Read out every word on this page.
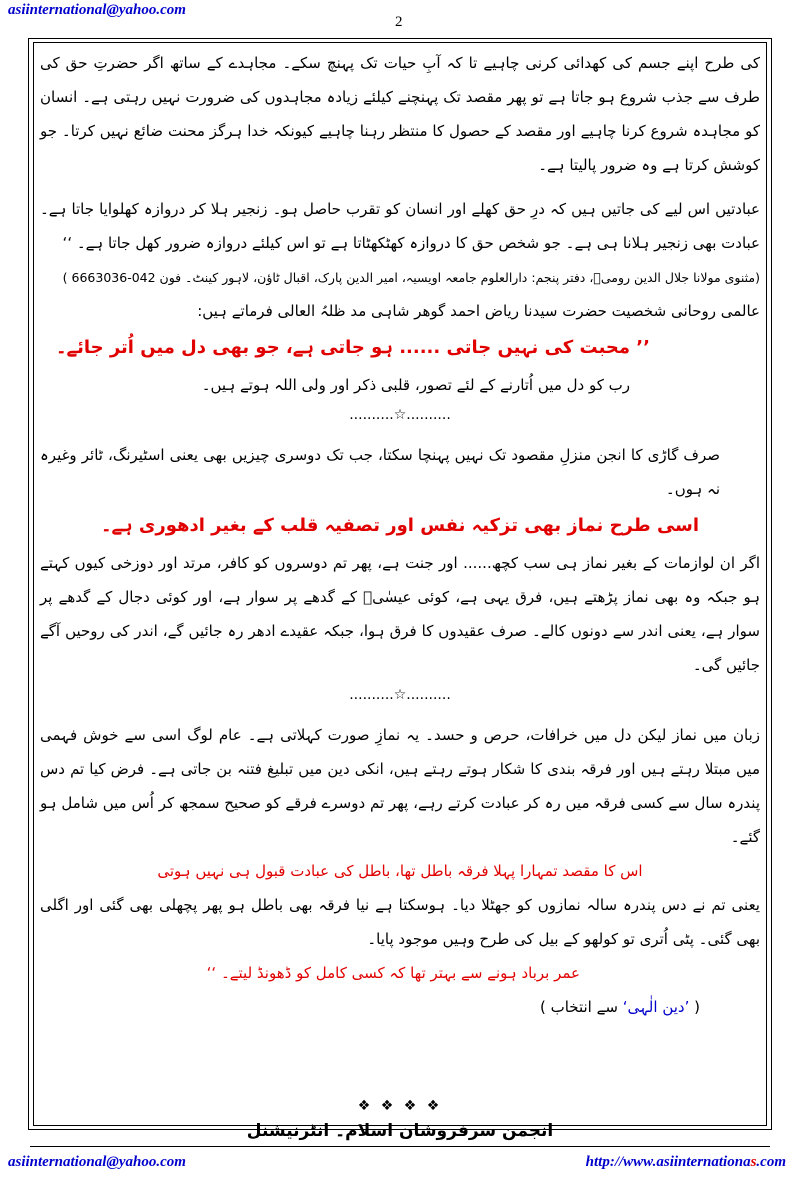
asiinternational@yahoo.com
2

کی طرح اپنے جسم کی کھدائی کرنی چاہیے تا کہ آبِ حیات تک پہنچ سکے۔ مجاہدے کے ساتھ اگر حضرتِ حق کی طرف سے جذب شروع ہو جاتا ہے تو پھر مقصد تک پہنچنے کیلئے زیادہ مجاہدوں کی ضرورت نہیں رہتی ہے۔ انسان کو مجاہدہ شروع کرنا چاہیے اور مقصد کے حصول کا منتظر رہنا چاہیے کیونکہ خدا ہرگز محنت ضائع نہیں کرتا۔ جو کوشش کرتا ہے وہ ضرور پالیتا ہے۔

عبادتیں اس لیے کی جاتیں ہیں کہ درِ حق کھلے اور انسان کو تقرب حاصل ہو۔ زنجیر ہلا کر دروازہ کھلوایا جاتا ہے۔ عبادت بھی زنجیر ہلانا ہی ہے۔ جو شخص حق کا دروازہ کھٹکھٹاتا ہے تو اس کیلئے دروازہ ضرور کھل جاتا ہے۔ ‘‘

(مثنوی مولانا جلال الدین رومیؒ، دفتر پنجم: دارالعلوم جامعہ اویسیہ، امیر الدین پارک، اقبال ٹاؤن، لاہور کینٹ۔ فون 042-6663036 )

عالمی روحانی شخصیت حضرت سیدنا ریاض احمد گوھر شاہی مد ظلہُ العالی فرماتے ہیں:

’’ محبت کی نہیں جاتی ...... ہو جاتی ہے، جو بھی دل میں اُتر جائے۔

رب کو دل میں اُتارنے کے لئے تصور، قلبی ذکر اور ولی اللہ ہوتے ہیں۔

..........☆..........

صرف گاڑی کا انجن منزلِ مقصود تک نہیں پہنچا سکتا، جب تک دوسری چیزیں بھی یعنی اسٹیرنگ، ٹائر وغیرہ نہ ہوں۔

اسی طرح نماز بھی تزکیہ نفس اور تصفیہ قلب کے بغیر ادھوری ہے۔

اگر ان لوازمات کے بغیر نماز ہی سب کچھ...... اور جنت ہے، پھر تم دوسروں کو کافر، مرتد اور دوزخی کیوں کہتے ہو جبکہ وہ بھی نماز پڑھتے ہیں، فرق یہی ہے، کوئی عیسٰیؑ کے گدھے پر سوار ہے، اور کوئی دجال کے گدھے پر سوار ہے، یعنی اندر سے دونوں کالے۔ صرف عقیدوں کا فرق ہوا، جبکہ عقیدے ادھر رہ جائیں گے، اندر کی روحیں آگے جائیں گی۔

..........☆..........

زبان میں نماز لیکن دل میں خرافات، حرص و حسد۔ یہ نمازِ صورت کہلاتی ہے۔ عام لوگ اسی سے خوش فہمی میں مبتلا رہتے ہیں اور فرقہ بندی کا شکار ہوتے رہتے ہیں، انکی دین میں تبلیغ فتنہ بن جاتی ہے۔ فرض کیا تم دس پندرہ سال سے کسی فرقہ میں رہ کر عبادت کرتے رہے، پھر تم دوسرے فرقے کو صحیح سمجھ کر اُس میں شامل ہو گئے۔

اس کا مقصد تمہارا پہلا فرقہ باطل تھا، باطل کی عبادت قبول ہی نہیں ہوتی

یعنی تم نے دس پندرہ سالہ نمازوں کو جھٹلا دیا۔ ہوسکتا ہے نیا فرقہ بھی باطل ہو پھر پچھلی بھی گئی اور اگلی بھی گئی۔ پٹی اُتری تو کولھو کے بیل کی طرح وہیں موجود پایا۔

عمر برباد ہونے سے بہتر تھا کہ کسی کامل کو ڈھونڈ لیتے۔ ‘‘

( ’دین الٰہی‘ سے انتخاب )

❖ ❖ ❖ ❖
انجمن سرفروشان اسلام۔ انٹرنیشنل
asiinternational@yahoo.com	http://www.asiinternationas.com
